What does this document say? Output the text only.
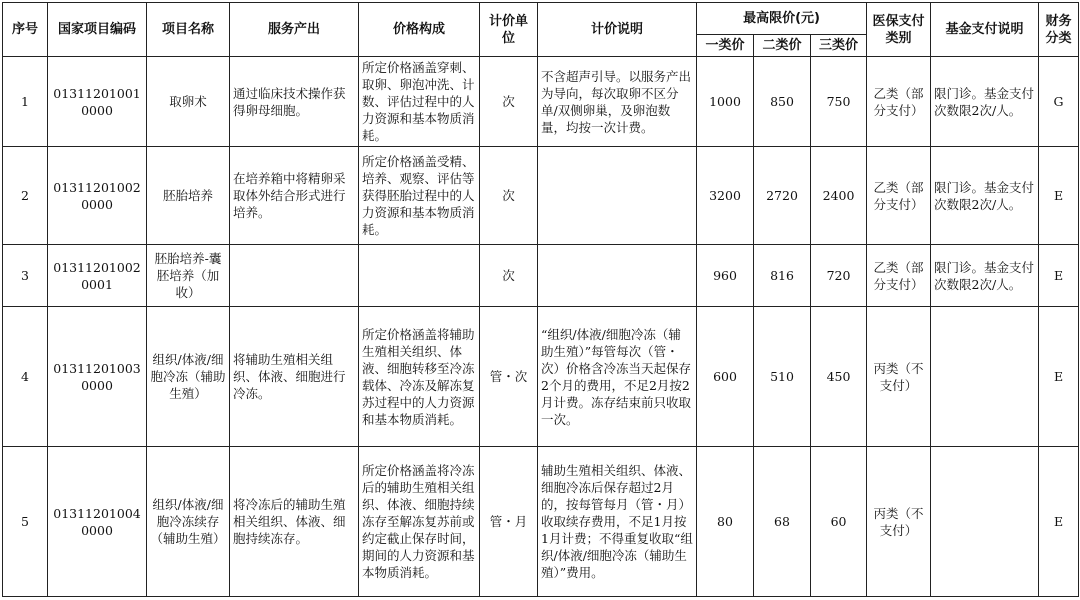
序号	国家项目编码	项目名称	服务产出	价格构成	计价单位	计价说明	最高限价(元)			医保支付类别	基金支付说明	财务分类
							一类价	二类价	三类价			
1	013112010010000	取卵术	通过临床技术操作获得卵母细胞。	所定价格涵盖穿刺、取卵、卵泡冲洗、计数、评估过程中的人力资源和基本物质消耗。	次	不含超声引导。以服务产出为导向，每次取卵不区分单/双侧卵巢，及卵泡数量，均按一次计费。	1000	850	750	乙类（部分支付）	限门诊。基金支付次数限2次/人。	G
2	013112010020000	胚胎培养	在培养箱中将精卵采取体外结合形式进行培养。	所定价格涵盖受精、培养、观察、评估等获得胚胎过程中的人力资源和基本物质消耗。	次		3200	2720	2400	乙类（部分支付）	限门诊。基金支付次数限2次/人。	E
3	013112010020001	胚胎培养-囊胚培养（加收）			次		960	816	720	乙类（部分支付）	限门诊。基金支付次数限2次/人。	E
4	013112010030000	组织/体液/细胞冷冻（辅助生殖）	将辅助生殖相关组织、体液、细胞进行冷冻。	所定价格涵盖将辅助生殖相关组织、体液、细胞转移至冷冻载体、冷冻及解冻复苏过程中的人力资源和基本物质消耗。	管・次	“组织/体液/细胞冷冻（辅助生殖）”每管每次（管・次）价格含冷冻当天起保存2个月的费用，不足2月按2月计费。冻存结束前只收取一次。	600	510	450	丙类（不支付）		E
5	013112010040000	组织/体液/细胞冷冻续存（辅助生殖）	将冷冻后的辅助生殖相关组织、体液、细胞持续冻存。	所定价格涵盖将冷冻后的辅助生殖相关组织、体液、细胞持续冻存至解冻复苏前或约定截止保存时间，期间的人力资源和基本物质消耗。	管・月	辅助生殖相关组织、体液、细胞冷冻后保存超过2月的，按每管每月（管・月）收取续存费用，不足1月按1月计费；不得重复收取“组织/体液/细胞冷冻（辅助生殖）”费用。	80	68	60	丙类（不支付）		E
